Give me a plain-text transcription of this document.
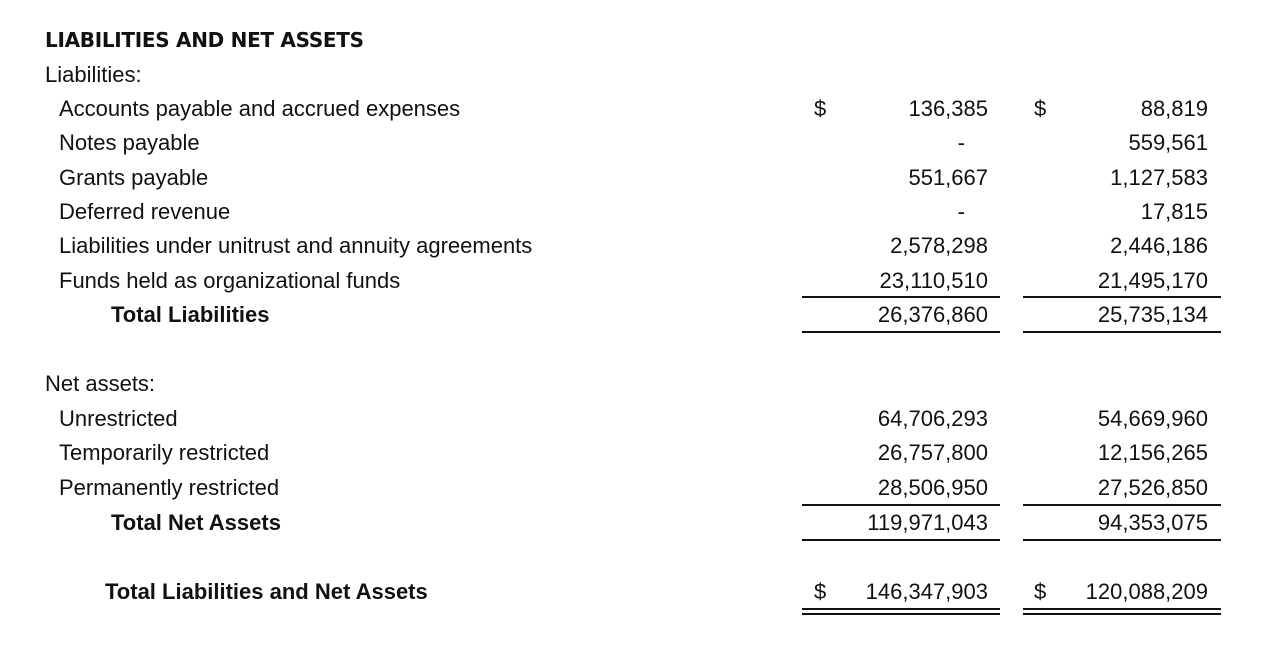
LIABILITIES AND NET ASSETS
Liabilities:
Accounts payable and accrued expenses	$	136,385 $	88,819
Notes payable	-	559,561
Grants payable	551,667	1,127,583
Deferred revenue	-	17,815
Liabilities under unitrust and annuity agreements	2,578,298	2,446,186
Funds held as organizational funds	23,110,510	21,495,170
Total Liabilities	26,376,860	25,735,134
Net assets:
Unrestricted	64,706,293	54,669,960
Temporarily restricted	26,757,800	12,156,265
Permanently restricted	28,506,950	27,526,850
Total Net Assets	119,971,043	94,353,075
Total Liabilities and Net Assets	$	146,347,903 $	120,088,209
